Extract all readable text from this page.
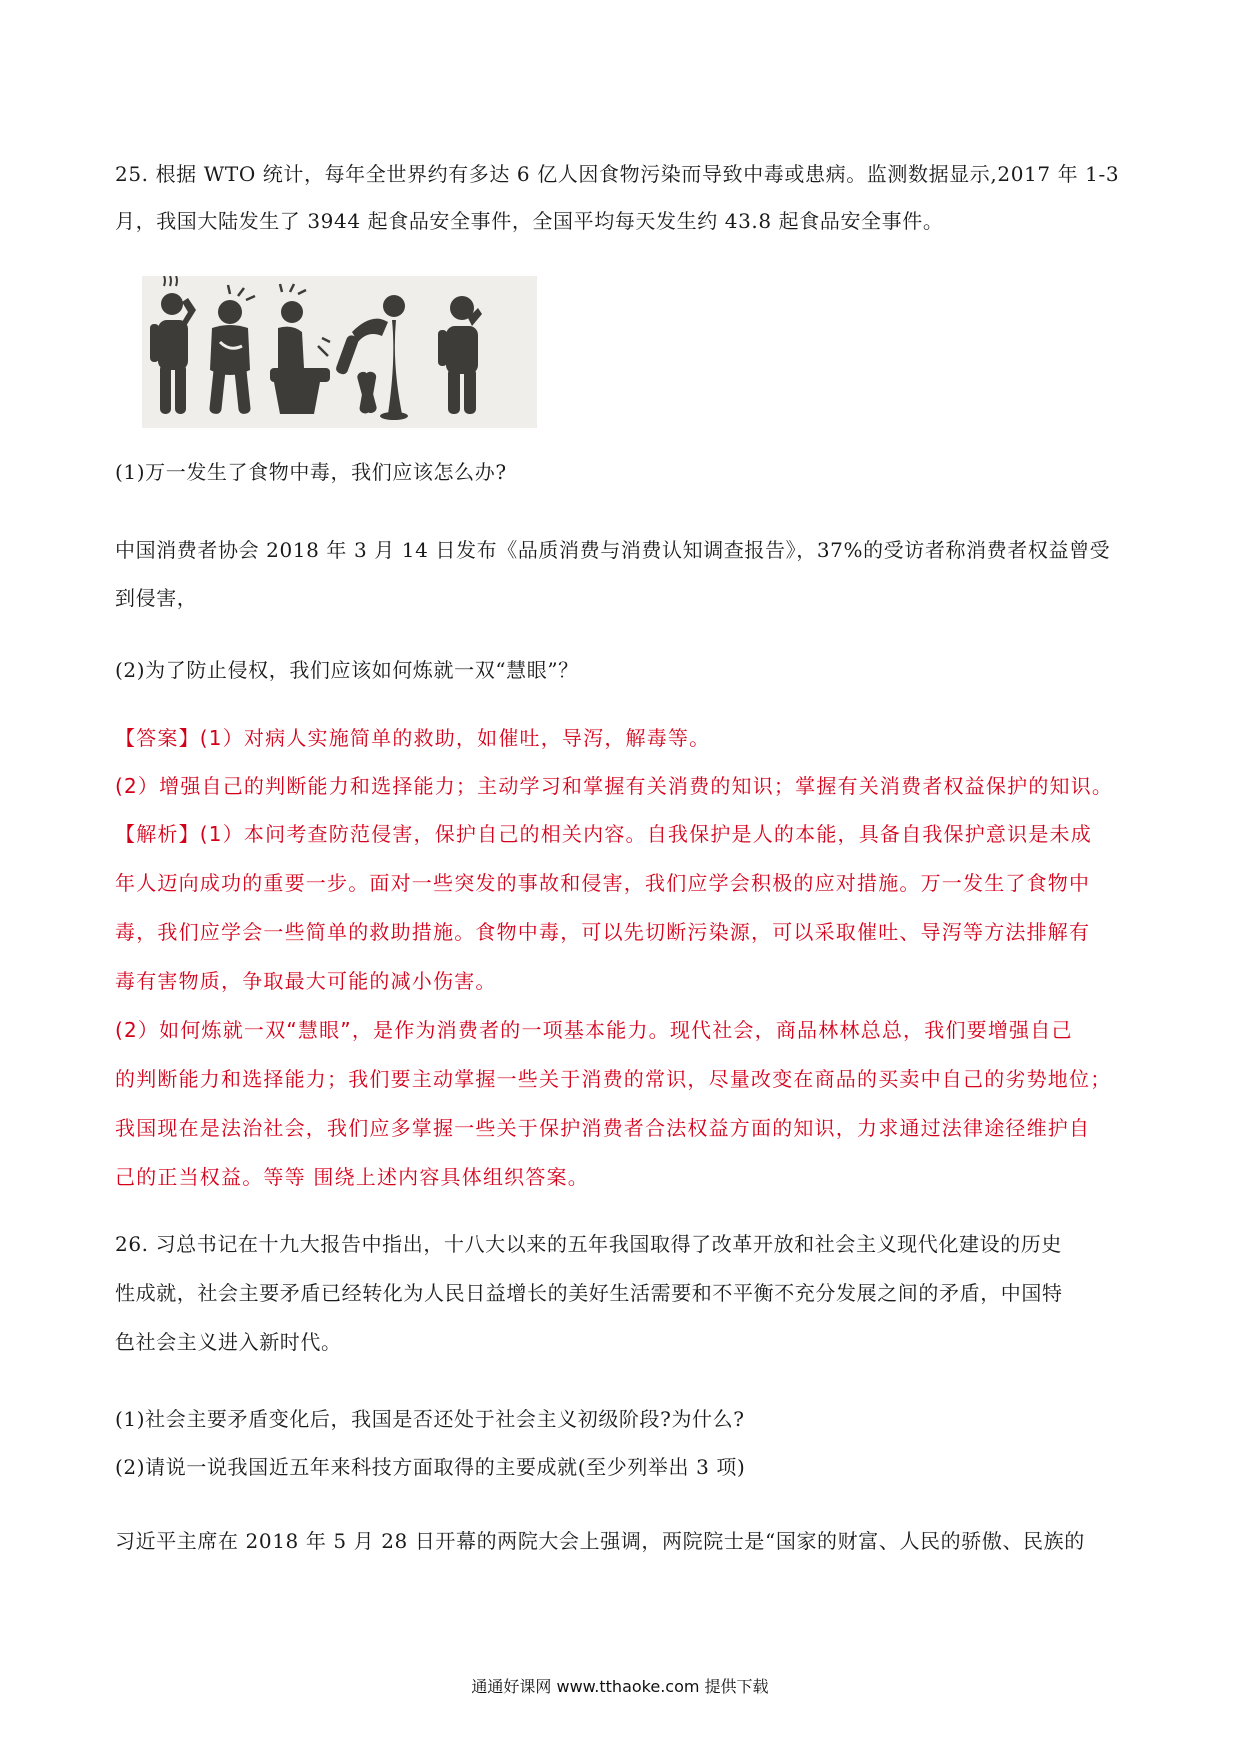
25. 根据 WTO 统计，每年全世界约有多达 6 亿人因食物污染而导致中毒或患病。监测数据显示,2017 年 1-3
月，我国大陆发生了 3944 起食品安全事件，全国平均每天发生约 43.8 起食品安全事件。
(1)万一发生了食物中毒，我们应该怎么办?
中国消费者协会 2018 年 3 月 14 日发布《品质消费与消费认知调查报告》，37%的受访者称消费者权益曾受
到侵害，
(2)为了防止侵权，我们应该如何炼就一双“慧眼”？
【答案】(1）对病人实施简单的救助，如催吐，导泻，解毒等。
(2）增强自己的判断能力和选择能力；主动学习和掌握有关消费的知识；掌握有关消费者权益保护的知识。
【解析】(1）本问考查防范侵害，保护自己的相关内容。自我保护是人的本能，具备自我保护意识是未成
年人迈向成功的重要一步。面对一些突发的事故和侵害，我们应学会积极的应对措施。万一发生了食物中
毒，我们应学会一些简单的救助措施。食物中毒，可以先切断污染源，可以采取催吐、导泻等方法排解有
毒有害物质，争取最大可能的减小伤害。
(2）如何炼就一双“慧眼”，是作为消费者的一项基本能力。现代社会，商品林林总总，我们要增强自己
的判断能力和选择能力；我们要主动掌握一些关于消费的常识，尽量改变在商品的买卖中自己的劣势地位；
我国现在是法治社会，我们应多掌握一些关于保护消费者合法权益方面的知识，力求通过法律途径维护自
己的正当权益。等等 围绕上述内容具体组织答案。
26. 习总书记在十九大报告中指出，十八大以来的五年我国取得了改革开放和社会主义现代化建设的历史
性成就，社会主要矛盾已经转化为人民日益增长的美好生活需要和不平衡不充分发展之间的矛盾，中国特
色社会主义进入新时代。
(1)社会主要矛盾变化后，我国是否还处于社会主义初级阶段?为什么?
(2)请说一说我国近五年来科技方面取得的主要成就(至少列举出 3 项)
习近平主席在 2018 年 5 月 28 日开幕的两院大会上强调，两院院士是“国家的财富、人民的骄傲、民族的
通通好课网 www.tthaoke.com 提供下载
